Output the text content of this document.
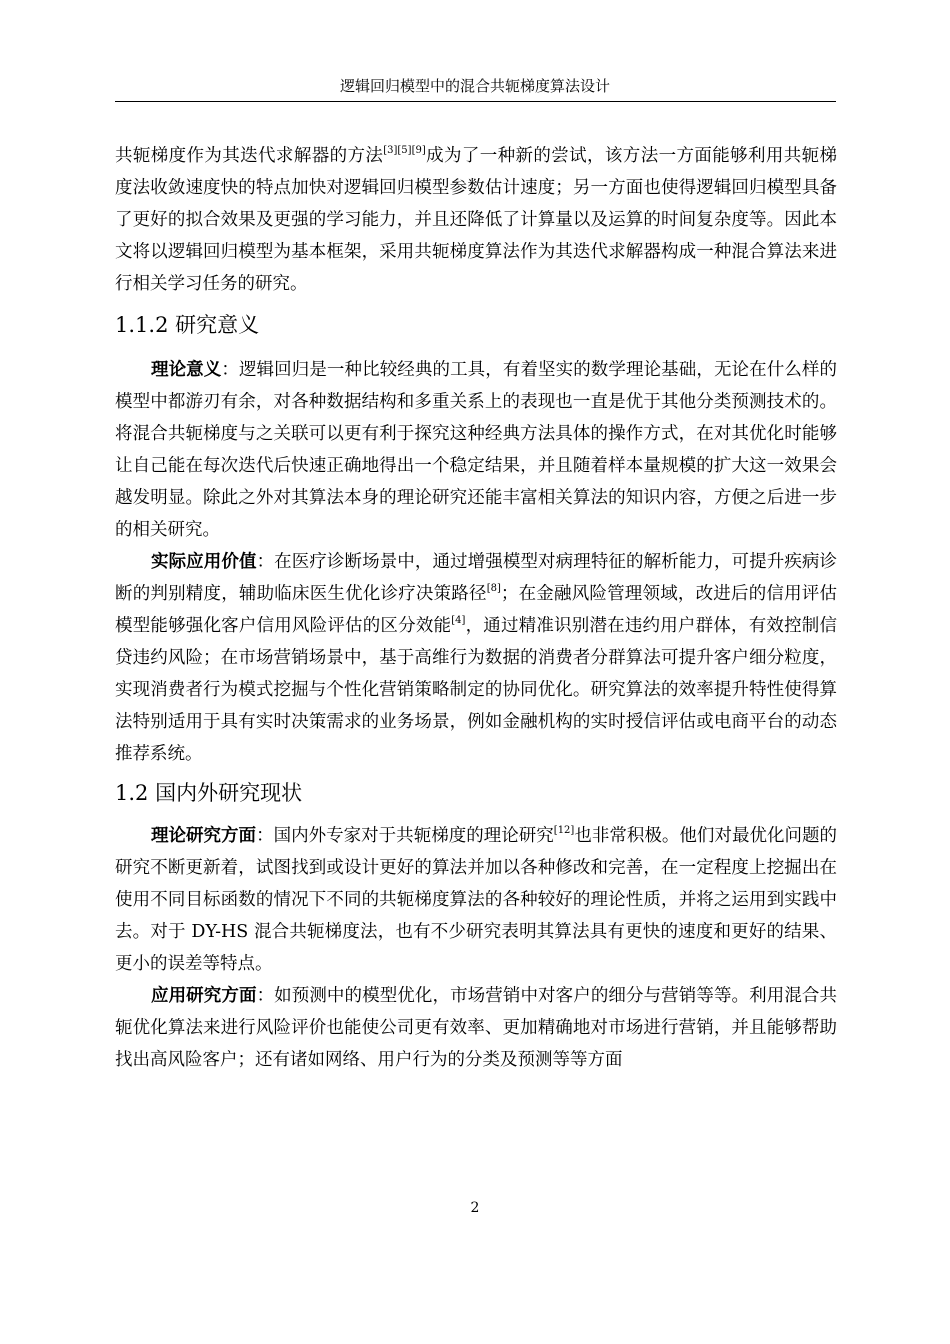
逻辑回归模型中的混合共轭梯度算法设计

共轭梯度作为其迭代求解器的方法[3][5][9]成为了一种新的尝试，该方法一方面能够利用共轭梯度法收敛速度快的特点加快对逻辑回归模型参数估计速度；另一方面也使得逻辑回归模型具备了更好的拟合效果及更强的学习能力，并且还降低了计算量以及运算的时间复杂度等。因此本文将以逻辑回归模型为基本框架，采用共轭梯度算法作为其迭代求解器构成一种混合算法来进行相关学习任务的研究。

1.1.2 研究意义

理论意义：逻辑回归是一种比较经典的工具，有着坚实的数学理论基础，无论在什么样的模型中都游刃有余，对各种数据结构和多重关系上的表现也一直是优于其他分类预测技术的。将混合共轭梯度与之关联可以更有利于探究这种经典方法具体的操作方式，在对其优化时能够让自己能在每次迭代后快速正确地得出一个稳定结果，并且随着样本量规模的扩大这一效果会越发明显。除此之外对其算法本身的理论研究还能丰富相关算法的知识内容，方便之后进一步的相关研究。

实际应用价值：在医疗诊断场景中，通过增强模型对病理特征的解析能力，可提升疾病诊断的判别精度，辅助临床医生优化诊疗决策路径[8]；在金融风险管理领域，改进后的信用评估模型能够强化客户信用风险评估的区分效能[4]，通过精准识别潜在违约用户群体，有效控制信贷违约风险；在市场营销场景中，基于高维行为数据的消费者分群算法可提升客户细分粒度，实现消费者行为模式挖掘与个性化营销策略制定的协同优化。研究算法的效率提升特性使得算法特别适用于具有实时决策需求的业务场景，例如金融机构的实时授信评估或电商平台的动态推荐系统。

1.2 国内外研究现状

理论研究方面：国内外专家对于共轭梯度的理论研究[12]也非常积极。他们对最优化问题的研究不断更新着，试图找到或设计更好的算法并加以各种修改和完善，在一定程度上挖掘出在使用不同目标函数的情况下不同的共轭梯度算法的各种较好的理论性质，并将之运用到实践中去。对于 DY-HS 混合共轭梯度法，也有不少研究表明其算法具有更快的速度和更好的结果、更小的误差等特点。

应用研究方面：如预测中的模型优化，市场营销中对客户的细分与营销等等。利用混合共轭优化算法来进行风险评价也能使公司更有效率、更加精确地对市场进行营销，并且能够帮助找出高风险客户；还有诸如网络、用户行为的分类及预测等等方面

2
